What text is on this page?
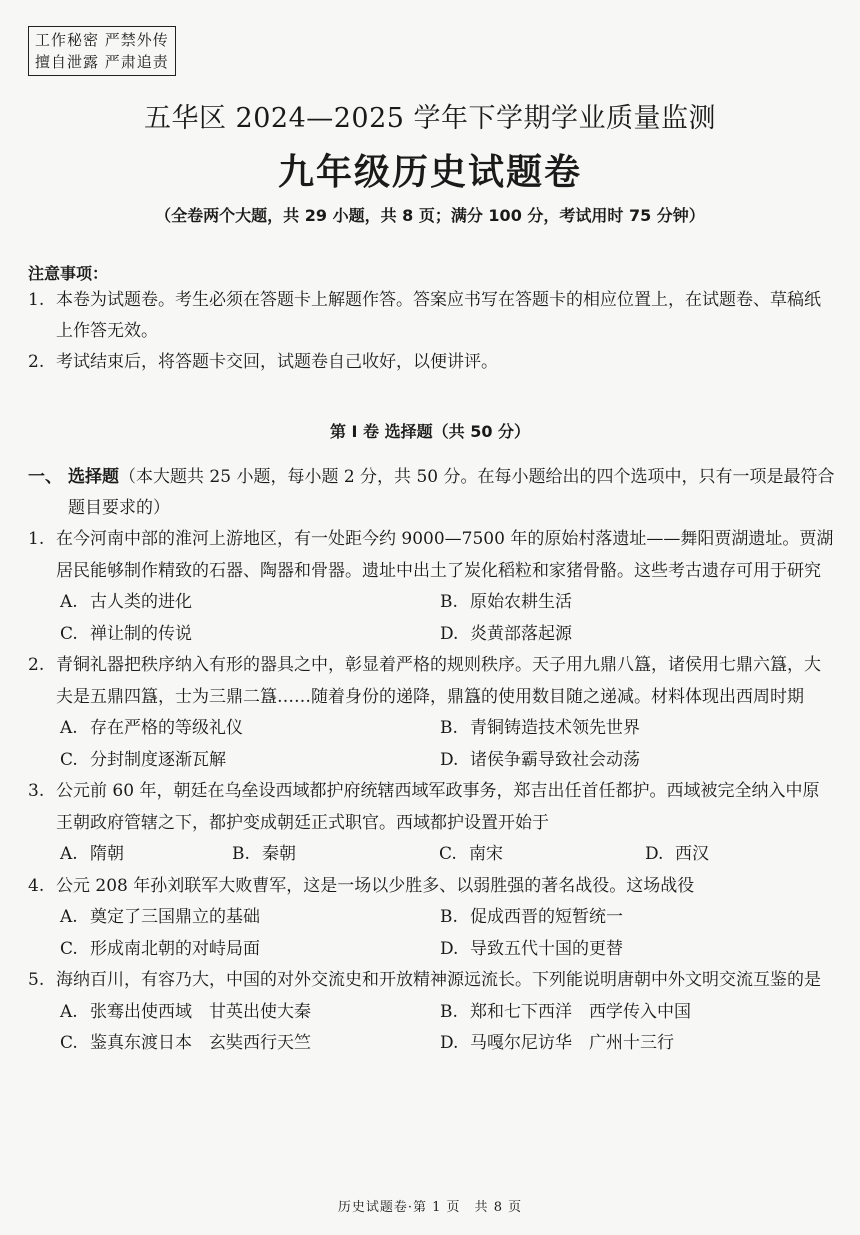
工作秘密 严禁外传
擅自泄露 严肃追责
五华区 2024—2025 学年下学期学业质量监测
九年级历史试题卷
（全卷两个大题，共 29 小题，共 8 页；满分 100 分，考试用时 75 分钟）
注意事项：
1. 本卷为试题卷。考生必须在答题卡上解题作答。答案应书写在答题卡的相应位置上，在试题卷、草稿纸上作答无效。
2. 考试结束后，将答题卡交回，试题卷自己收好，以便讲评。
第 I 卷 选择题（共 50 分）
一、 选择题（本大题共 25 小题，每小题 2 分，共 50 分。在每小题给出的四个选项中，只有一项是最符合题目要求的）
1. 在今河南中部的淮河上游地区，有一处距今约 9000—7500 年的原始村落遗址——舞阳贾湖遗址。贾湖居民能够制作精致的石器、陶器和骨器。遗址中出土了炭化稻粒和家猪骨骼。这些考古遗存可用于研究
A. 古人类的进化	B. 原始农耕生活
C. 禅让制的传说	D. 炎黄部落起源
2. 青铜礼器把秩序纳入有形的器具之中，彰显着严格的规则秩序。天子用九鼎八簋，诸侯用七鼎六簋，大夫是五鼎四簋，士为三鼎二簋……随着身份的递降，鼎簋的使用数目随之递减。材料体现出西周时期
A. 存在严格的等级礼仪	B. 青铜铸造技术领先世界
C. 分封制度逐渐瓦解	D. 诸侯争霸导致社会动荡
3. 公元前 60 年，朝廷在乌垒设西域都护府统辖西域军政事务，郑吉出任首任都护。西域被完全纳入中原王朝政府管辖之下，都护变成朝廷正式职官。西域都护设置开始于
A. 隋朝	B. 秦朝	C. 南宋	D. 西汉
4. 公元 208 年孙刘联军大败曹军，这是一场以少胜多、以弱胜强的著名战役。这场战役
A. 奠定了三国鼎立的基础	B. 促成西晋的短暂统一
C. 形成南北朝的对峙局面	D. 导致五代十国的更替
5. 海纳百川，有容乃大，中国的对外交流史和开放精神源远流长。下列能说明唐朝中外文明交流互鉴的是
A. 张骞出使西域　甘英出使大秦	B. 郑和七下西洋　西学传入中国
C. 鉴真东渡日本　玄奘西行天竺	D. 马嘎尔尼访华　广州十三行
历史试题卷·第 1 页　共 8 页
